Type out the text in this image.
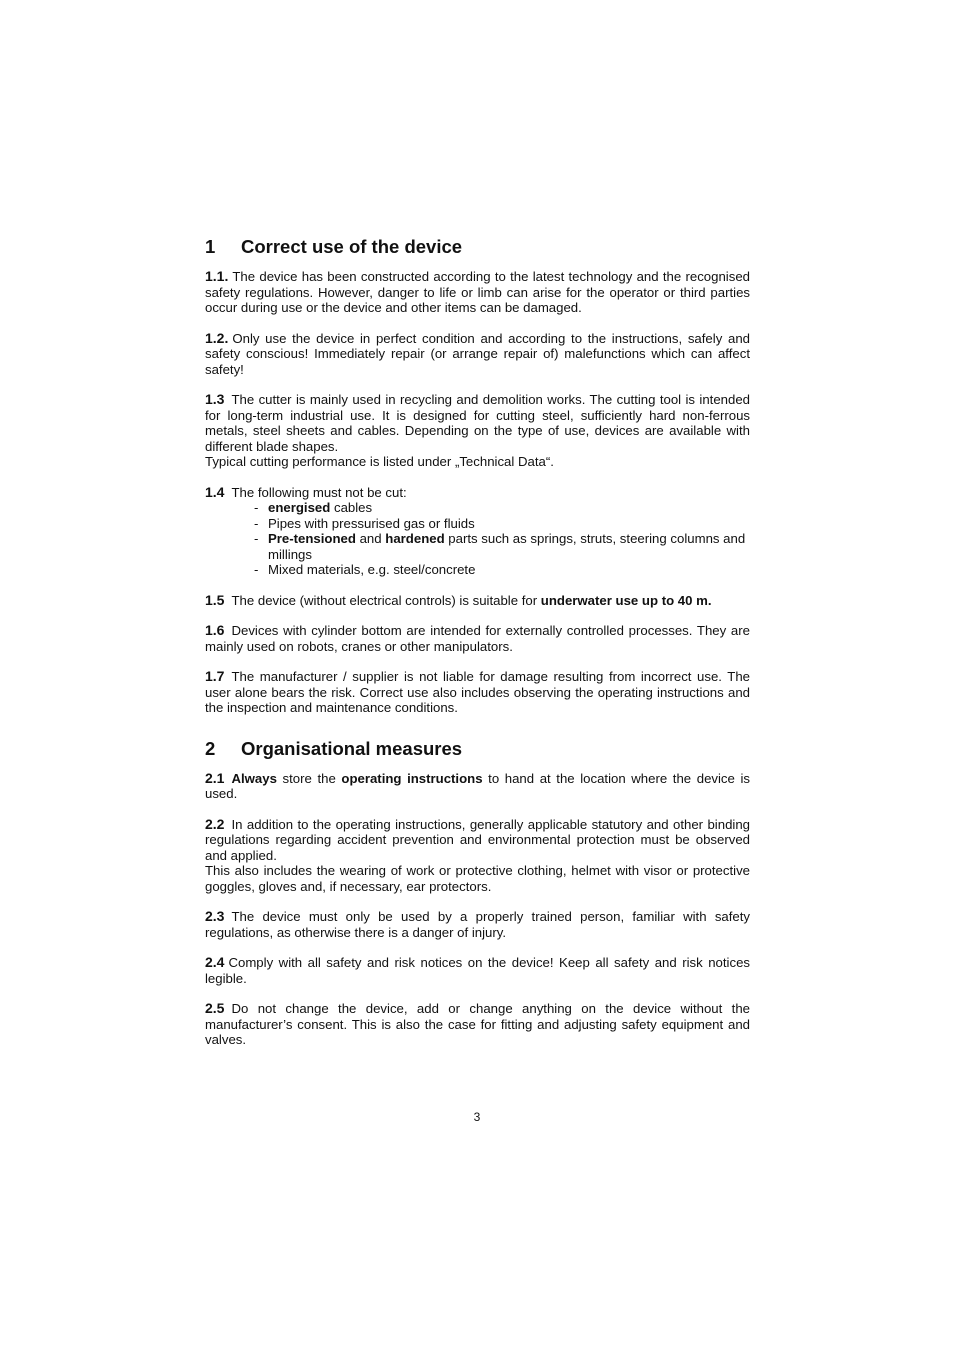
1 Correct use of the device

1.1. The device has been constructed according to the latest technology and the recognised safety regulations. However, danger to life or limb can arise for the operator or third parties occur during use or the device and other items can be damaged.

1.2. Only use the device in perfect condition and according to the instructions, safely and safety conscious! Immediately repair (or arrange repair of) malefunctions which can affect safety!

1.3 The cutter is mainly used in recycling and demolition works. The cutting tool is intended for long-term industrial use. It is designed for cutting steel, sufficiently hard non-ferrous metals, steel sheets and cables. Depending on the type of use, devices are available with different blade shapes.

Typical cutting performance is listed under „Technical Data“.

1.4 The following must not be cut:

- energised cables
- Pipes with pressurised gas or fluids
- Pre-tensioned and hardened parts such as springs, struts, steering columns and millings
- Mixed materials, e.g. steel/concrete

1.5 The device (without electrical controls) is suitable for underwater use up to 40 m.

1.6 Devices with cylinder bottom are intended for externally controlled processes. They are mainly used on robots, cranes or other manipulators.

1.7 The manufacturer / supplier is not liable for damage resulting from incorrect use. The user alone bears the risk. Correct use also includes observing the operating instructions and the inspection and maintenance conditions.

2 Organisational measures

2.1 Always store the operating instructions to hand at the location where the device is used.

2.2 In addition to the operating instructions, generally applicable statutory and other binding regulations regarding accident prevention and environmental protection must be observed and applied.

This also includes the wearing of work or protective clothing, helmet with visor or protective goggles, gloves and, if necessary, ear protectors.

2.3 The device must only be used by a properly trained person, familiar with safety regulations, as otherwise there is a danger of injury.

2.4 Comply with all safety and risk notices on the device! Keep all safety and risk notices legible.

2.5 Do not change the device, add or change anything on the device without the manufacturer’s consent. This is also the case for fitting and adjusting safety equipment and valves.

3
